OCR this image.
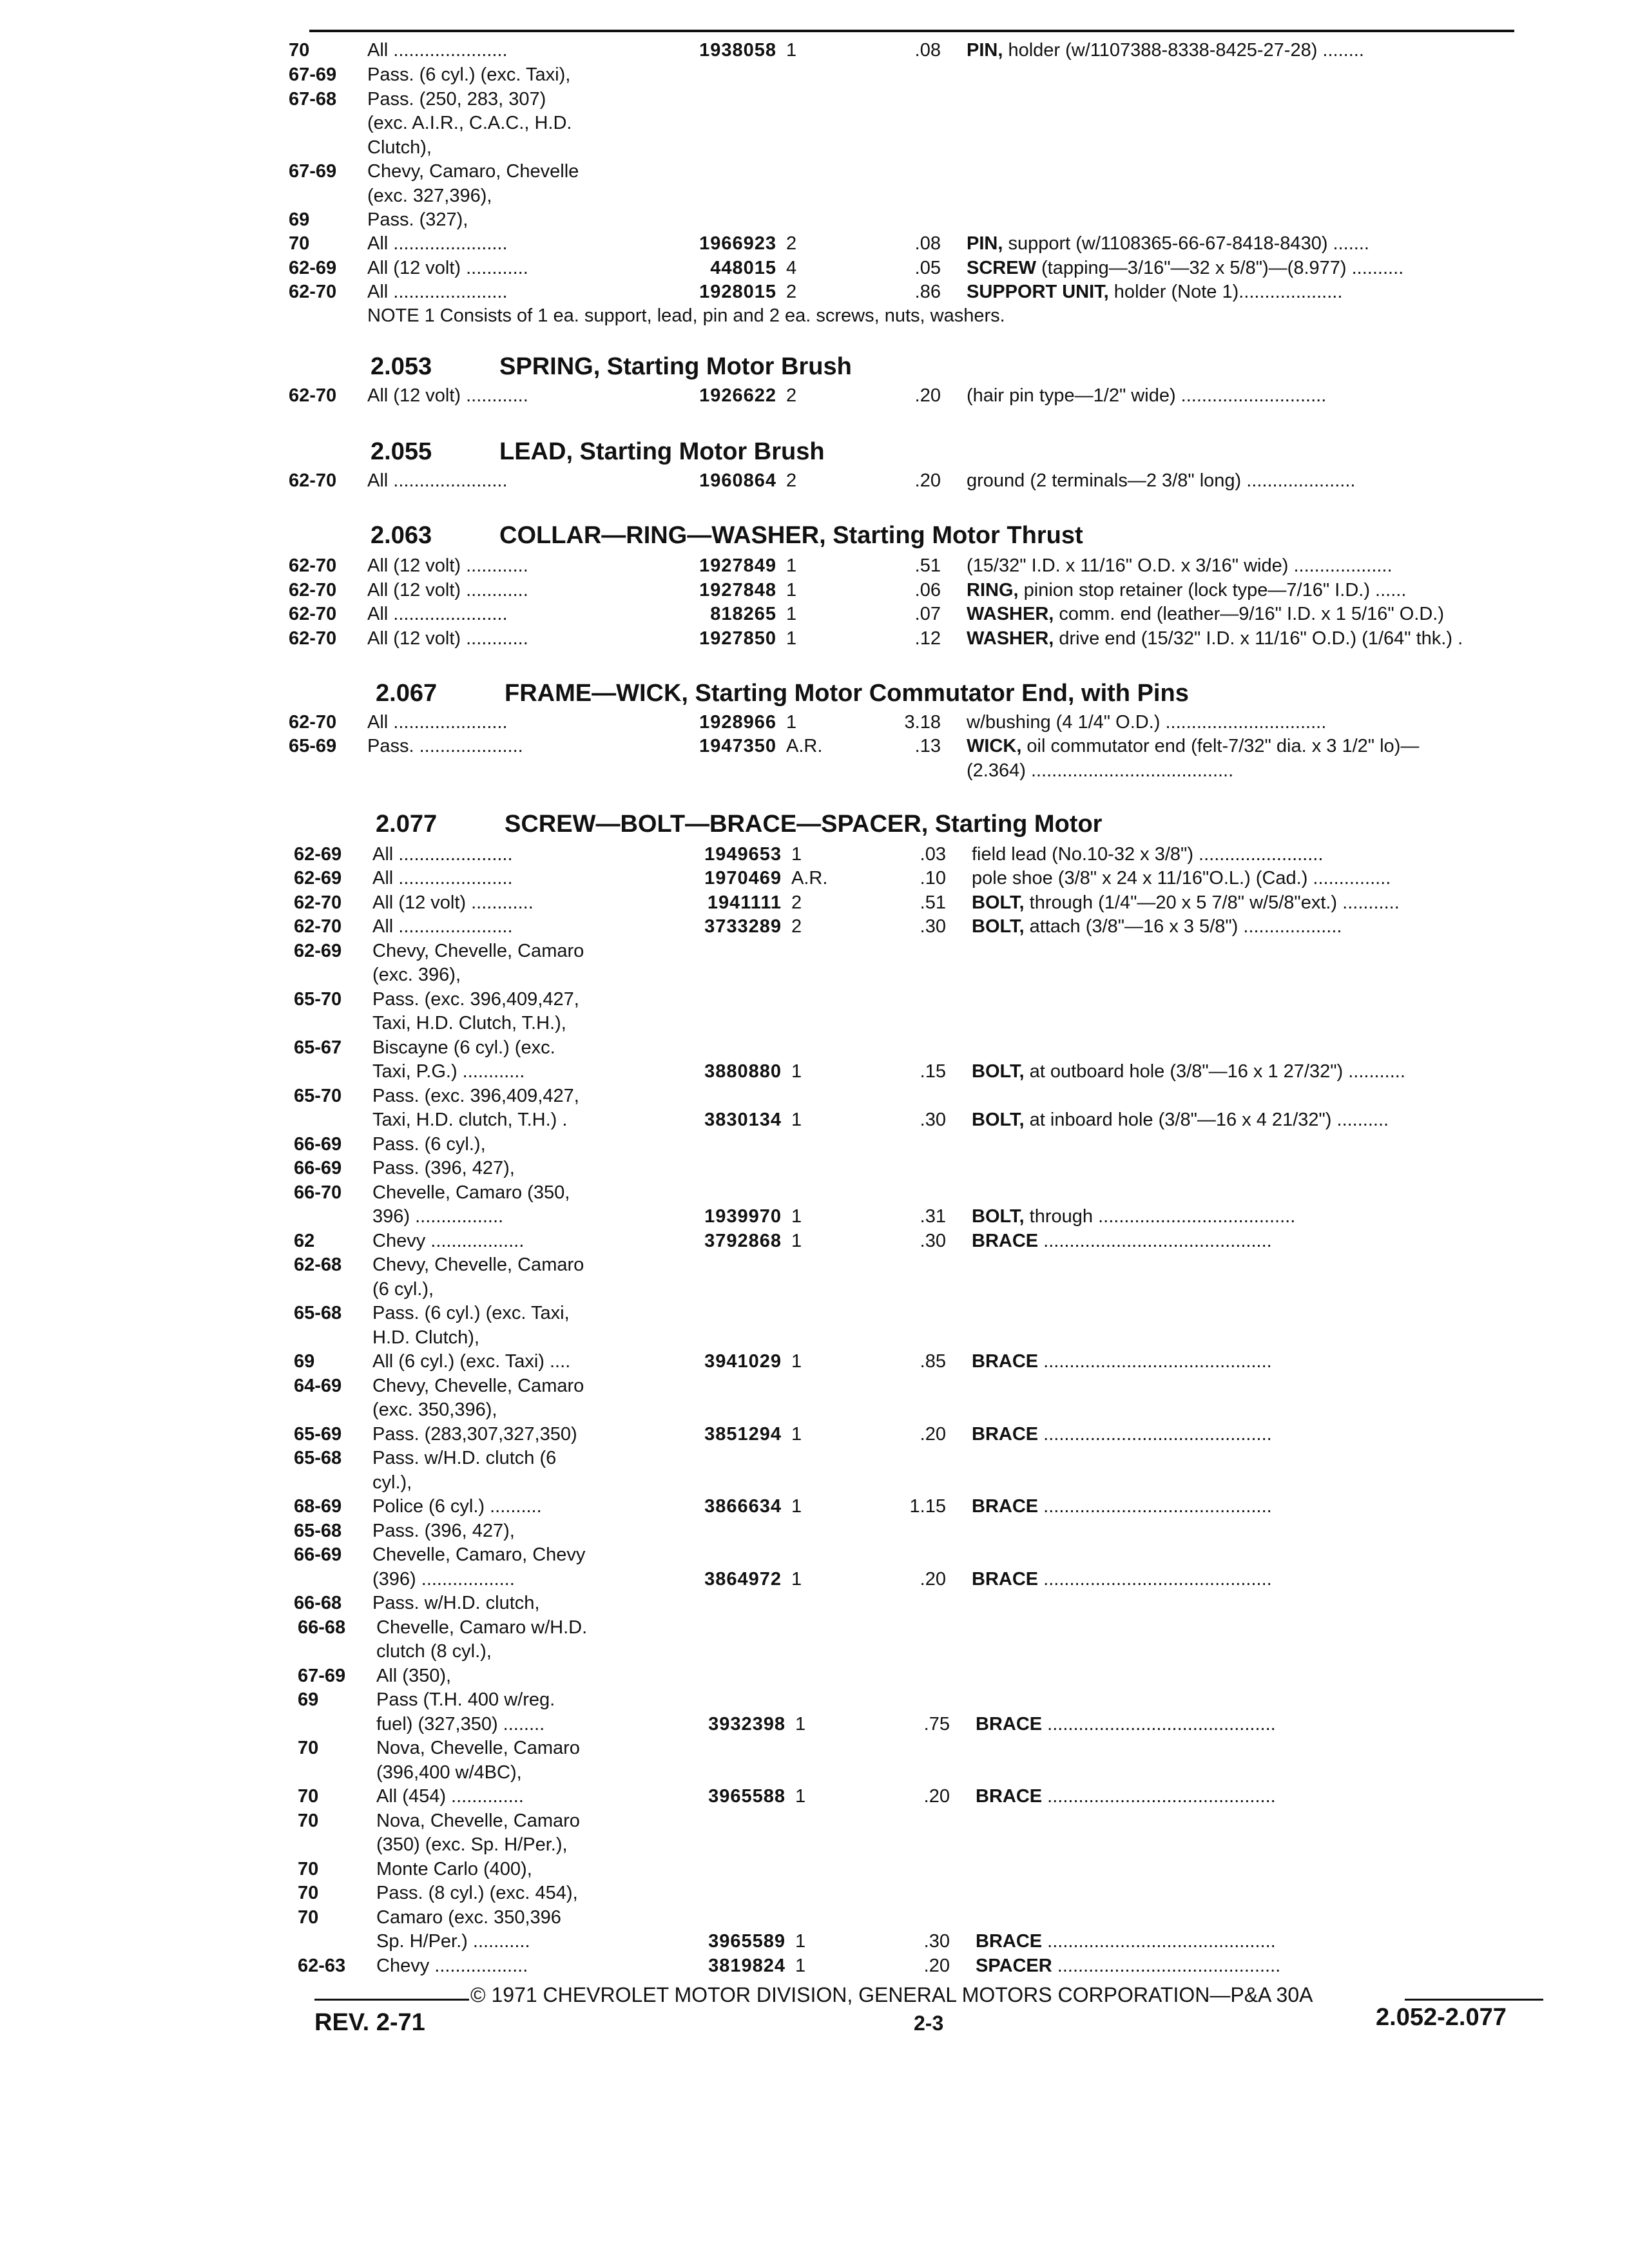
70	All ......................	1938058 1	.08 PIN, holder (w/1107388-8338-8425-27-28) ........
67-69 Pass. (6 cyl.) (exc. Taxi),
67-68 Pass. (250, 283, 307)
(exc. A.I.R., C.A.C., H.D.
Clutch),
67-69 Chevy, Camaro, Chevelle
(exc. 327,396),
69	Pass. (327),
70	All ......................	1966923 2	.08 PIN, support (w/1108365-66-67-8418-8430) .......
62-69 All (12 volt) ............	448015 4	.05 SCREW (tapping—3/16"—32 x 5/8")—(8.977) ..........
62-70 All ......................	1928015 2	.86 SUPPORT UNIT, holder (Note 1)....................
NOTE 1 Consists of 1 ea. support, lead, pin and 2 ea. screws, nuts, washers.
62-70 All (12 volt) ............	1926622 2	.20 (hair pin type—1/2" wide) ............................
62-70 All ......................	1960864 2	.20 ground (2 terminals—2 3/8" long) .....................
62-70 All (12 volt) ............	1927849 1	.51 (15/32" I.D. x 11/16" O.D. x 3/16" wide) ...................
62-70 All (12 volt) ............	1927848 1	.06 RING, pinion stop retainer (lock type—7/16" I.D.) ......
62-70 All ......................	818265 1	.07 WASHER, comm. end (leather—9/16" I.D. x 1 5/16" O.D.)
62-70 All (12 volt) ............	1927850 1	.12 WASHER, drive end (15/32" I.D. x 11/16" O.D.) (1/64" thk.) .
62-70 All ......................	1928966 1	3.18 w/bushing (4 1/4" O.D.) ...............................
65-69 Pass. ....................	1947350 A.R.	.13 WICK, oil commutator end (felt-7/32" dia. x 3 1/2" lo)—
(2.364) .......................................
62-69 All ......................	1949653 1	.03 field lead (No.10-32 x 3/8") ........................
62-69 All ......................	1970469 A.R.	.10 pole shoe (3/8" x 24 x 11/16"O.L.) (Cad.) ...............
62-70 All (12 volt) ............	1941111 2	.51 BOLT, through (1/4"—20 x 5 7/8" w/5/8"ext.) ...........
62-70 All ......................	3733289 2	.30 BOLT, attach (3/8"—16 x 3 5/8") ...................
62-69 Chevy, Chevelle, Camaro
(exc. 396),
65-70 Pass. (exc. 396,409,427,
Taxi, H.D. Clutch, T.H.),
65-67 Biscayne (6 cyl.) (exc.
Taxi, P.G.) ............	3880880 1	.15 BOLT, at outboard hole (3/8"—16 x 1 27/32") ...........
65-70 Pass. (exc. 396,409,427,
Taxi, H.D. clutch, T.H.) .	3830134 1	.30 BOLT, at inboard hole (3/8"—16 x 4 21/32") ..........
66-69 Pass. (6 cyl.),
66-69 Pass. (396, 427),
66-70 Chevelle, Camaro (350,
396) .................	1939970 1	.31 BOLT, through ......................................
62	Chevy ..................	3792868 1	.30 BRACE ............................................
62-68 Chevy, Chevelle, Camaro
(6 cyl.),
65-68 Pass. (6 cyl.) (exc. Taxi,
H.D. Clutch),
69	All (6 cyl.) (exc. Taxi) ....	3941029 1	.85 BRACE ............................................
64-69 Chevy, Chevelle, Camaro
(exc. 350,396),
65-69 Pass. (283,307,327,350)	3851294 1	.20 BRACE ............................................
65-68 Pass. w/H.D. clutch (6
cyl.),
68-69 Police (6 cyl.) ..........	3866634 1	1.15 BRACE ............................................
65-68 Pass. (396, 427),
66-69 Chevelle, Camaro, Chevy
(396) ..................	3864972 1	.20 BRACE ............................................
66-68 Pass. w/H.D. clutch,
66-68 Chevelle, Camaro w/H.D.
clutch (8 cyl.),
67-69 All (350),
69	Pass (T.H. 400 w/reg.
fuel) (327,350) ........	3932398 1	.75 BRACE ............................................
70	Nova, Chevelle, Camaro
(396,400 w/4BC),
70	All (454) ..............	3965588 1	.20 BRACE ............................................
70	Nova, Chevelle, Camaro
(350) (exc. Sp. H/Per.),
70	Monte Carlo (400),
70	Pass. (8 cyl.) (exc. 454),
70	Camaro (exc. 350,396
Sp. H/Per.) ...........	3965589 1	.30 BRACE ............................................
62-63 Chevy ..................	3819824 1	.20 SPACER ...........................................
2.053	SPRING, Starting Motor Brush
2.055	LEAD, Starting Motor Brush
2.063	COLLAR—RING—WASHER, Starting Motor Thrust
2.067	FRAME—WICK, Starting Motor Commutator End, with Pins
2.077	SCREW—BOLT—BRACE—SPACER, Starting Motor
© 1971 CHEVROLET MOTOR DIVISION, GENERAL MOTORS CORPORATION—P&A 30A
REV. 2-71	2-3	2.052-2.077
